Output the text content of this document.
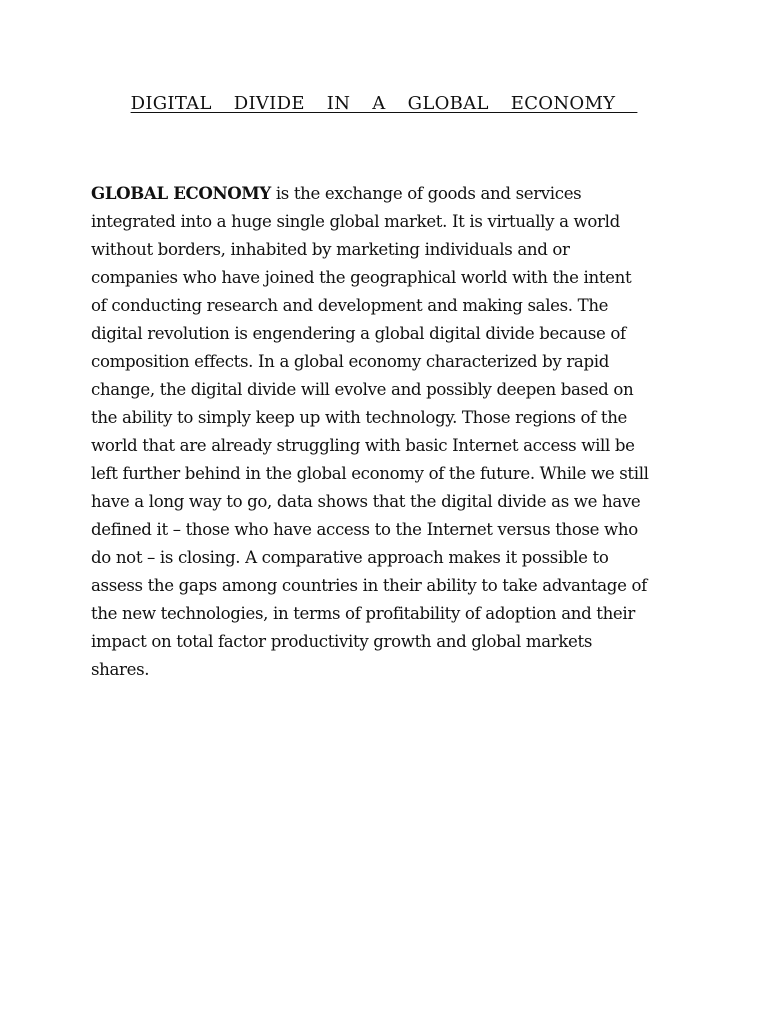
DIGITAL  DIVIDE  IN  A  GLOBAL  ECONOMY
GLOBAL ECONOMY is the exchange of goods and services
integrated into a huge single global market. It is virtually a world
without borders, inhabited by marketing individuals and or
companies who have joined the geographical world with the intent
of conducting research and development and making sales. The
digital revolution is engendering a global digital divide because of
composition effects. In a global economy characterized by rapid
change, the digital divide will evolve and possibly deepen based on
the ability to simply keep up with technology. Those regions of the
world that are already struggling with basic Internet access will be
left further behind in the global economy of the future. While we still
have a long way to go, data shows that the digital divide as we have
defined it – those who have access to the Internet versus those who
do not – is closing. A comparative approach makes it possible to
assess the gaps among countries in their ability to take advantage of
the new technologies, in terms of profitability of adoption and their
impact on total factor productivity growth and global markets
shares.
